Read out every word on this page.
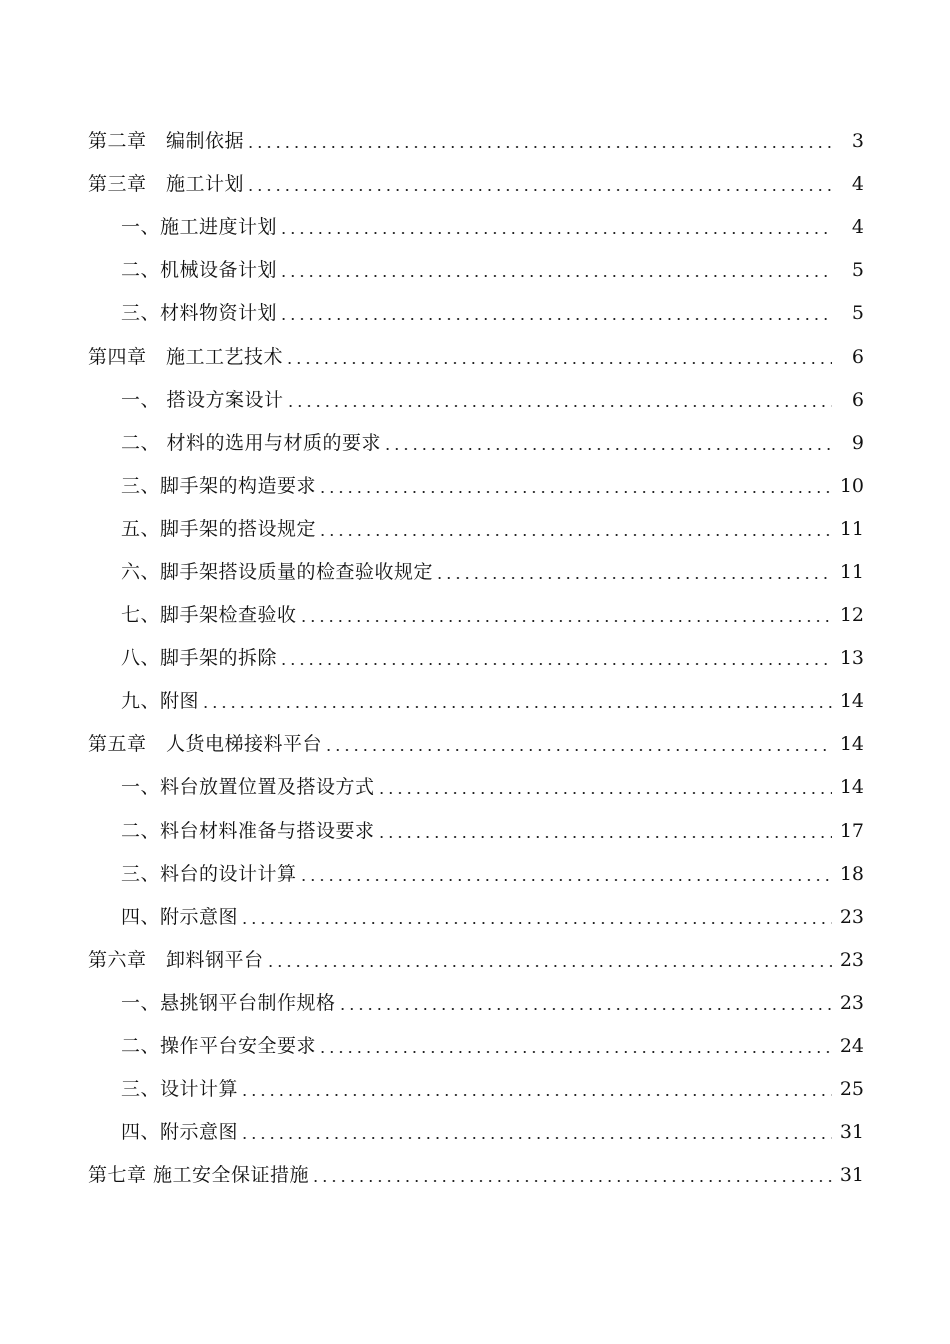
第二章　编制依据	3
第三章　施工计划	4
一、施工进度计划	4
二、机械设备计划	5
三、材料物资计划	5
第四章　施工工艺技术	6
一、 搭设方案设计	6
二、 材料的选用与材质的要求	9
三、脚手架的构造要求	10
五、脚手架的搭设规定	11
六、脚手架搭设质量的检查验收规定	11
七、脚手架检查验收	12
八、脚手架的拆除	13
九、附图	14
第五章　人货电梯接料平台	14
一、料台放置位置及搭设方式	14
二、料台材料准备与搭设要求	17
三、料台的设计计算	18
四、附示意图	23
第六章　卸料钢平台	23
一、悬挑钢平台制作规格	23
二、操作平台安全要求	24
三、设计计算	25
四、附示意图	31
第七章 施工安全保证措施	31
